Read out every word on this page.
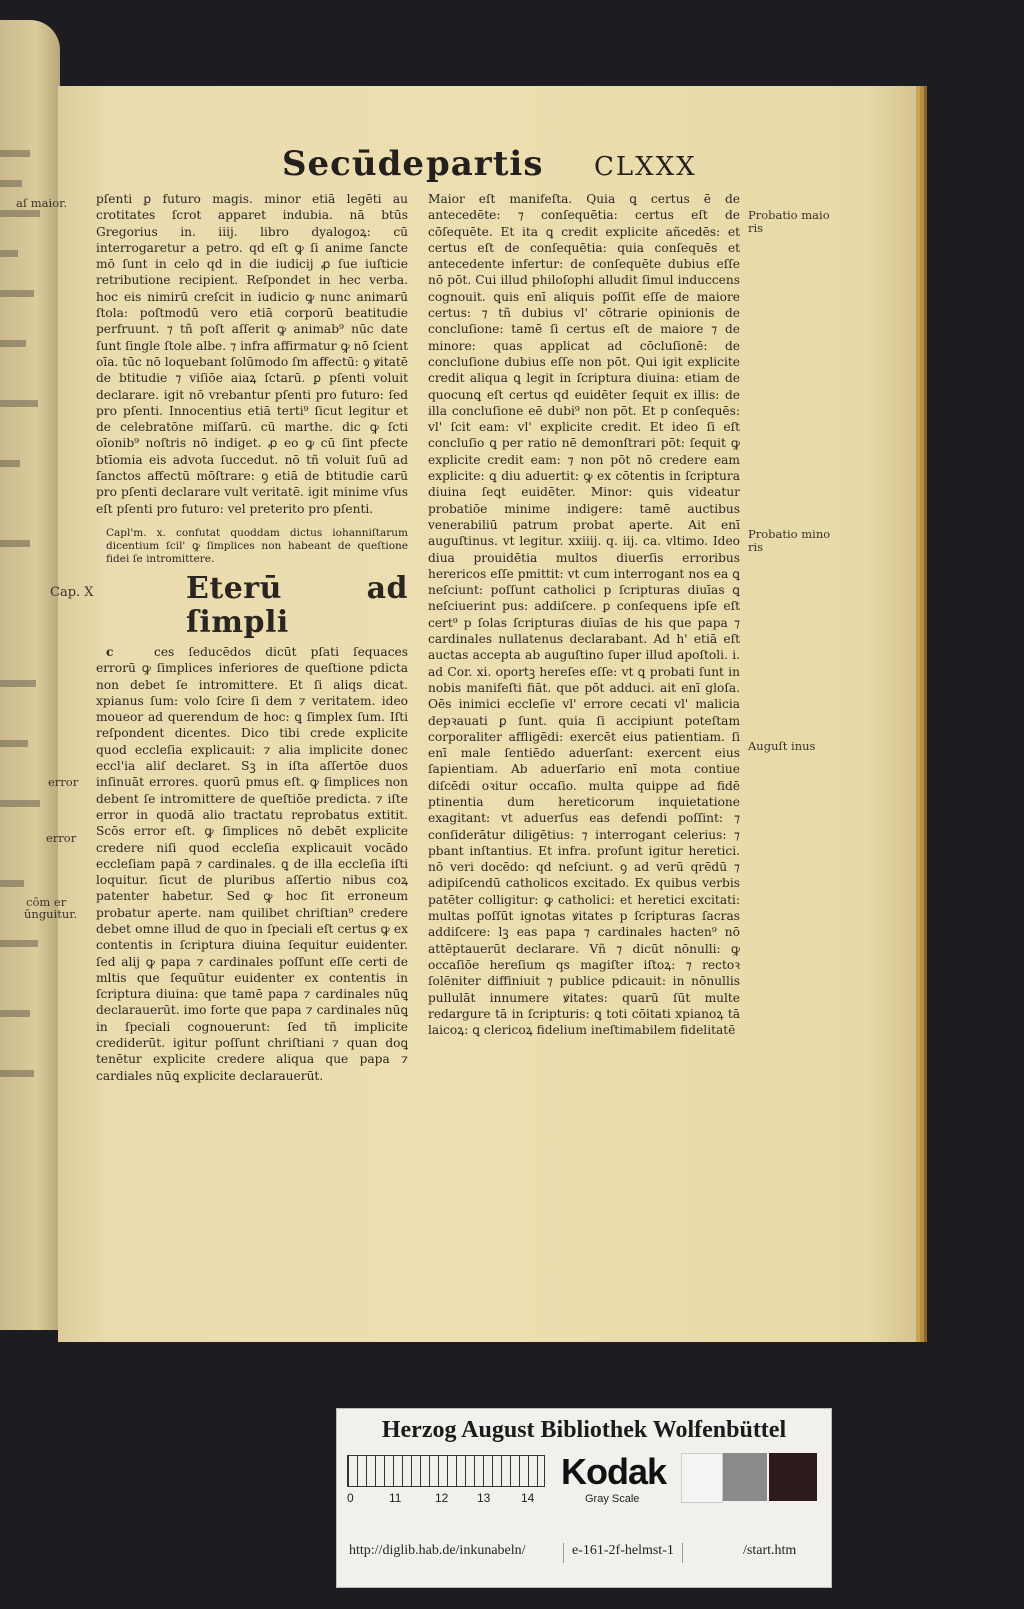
Secūde partis CLXXX
aſ maior.
Cap. X
error
error
cōm er
ūnguitur.
Probatio maio
ris
Probatio mino
ris
Auguſt inus

pſenti ꝑ futuro magis. minor etiā legēti au crotitates ſcrot apparet indubia. nā btūs Gregorius in. iiij. libro dyalogoꝝ: cū interrogaretur a petro. qd eſt ꝙ ſi anime ſancte mō ſunt in celo qd in die iudicij ꝓ ſue iuſticie retributione recipient. Reſpondet in hec verba. hoc eis nimirū creſcit in iudicio ꝙ nunc animarū ſtola: poſtmodū vero etiā corporū beatitudie perfruunt. ⁊ tñ poſt aſſerit ꝙ animab⁹ nūc date ſunt ſingle ſtole albe. ⁊ infra affirmatur ꝙ nō ſcient oīa. tūc nō loquebant ſolūmodo ſm affectū: ꝯ ꝟitatē de btitudie ⁊ viſiōe aiaꝝ ſctarū. ꝑ pſenti voluit declarare. igit nō vrebantur pſenti pro futuro: ſed pro pſenti. Innocentius etiā terti⁹ ſicut legitur et de celebratōne miſſarū. cū marthe. dic ꝙ ſcti oīonib⁹ noſtris nō indiget. ꝓ eo ꝙ cū ſint pfecte btīomia eis advota ſuccedut. nō tñ voluit ſuū ad ſanctos affectū mōſtrare: ꝯ etiā de btitudie carū pro pſenti declarare vult veritatē. igit minime vſus eſt pſenti pro futuro: vel preterito pro pſenti.

Capl'm. x. confutat quoddam dictus iohanniſtarum dicentium ſcil' ꝙ ſimplices non habeant de queſtione fidei ſe intromittere.

Eterū ad ſimpli

c	ces ſeducēdos dicūt pſati ſequaces errorū ꝙ ſimplices inferiores de queſtione pdicta non debet ſe intromittere. Et ſi aliqs dicat. xpianus ſum: volo ſcire ſi dem ⁊ veritatem. ideo moueor ad querendum de hoc: ꝗ ſimplex ſum. Iſti reſpondent dicentes. Dico tibi crede explicite quod eccleſia explicauit: ⁊ alia implicite donec eccl'ia aliſ declaret. Sꝫ in iſta aſſertōe duos inſinuāt errores. quorū pmus eſt. ꝙ ſimplices non debent ſe intromittere de queſtiōe predicta. ⁊ iſte error in quodā alio tractatu reprobatus extitit. Scōs error eſt. ꝙ ſimplices nō debēt explicite credere niſi quod eccleſia explicauit vocādo eccleſiam papā ⁊ cardinales. ꝗ de illa eccleſia iſti loquitur. ſicut de pluribus aſſertio nibus coꝝ patenter habetur. Sed ꝙ hoc ſit erroneum probatur aperte. nam quilibet chriſtian⁹ credere debet omne illud de quo in ſpeciali eſt certus ꝙ ex contentis in ſcriptura diuina ſequitur euidenter. ſed alij ꝙ papa ⁊ cardinales poſſunt eſſe certi de mltis que ſequūtur euidenter ex contentis in ſcriptura diuina: que tamē papa ⁊ cardinales nūꝗ declarauerūt. imo forte que papa ⁊ cardinales nūꝗ in ſpeciali cognouerunt: ſed tñ implicite crediderūt. igitur poſſunt chriſtiani ⁊ quan doꝗ tenētur explicite credere aliqua que papa ⁊ cardiales nūꝗ explicite declarauerūt.

Maior eſt manifeſta. Quia ꝗ certus ē de antecedēte: ⁊ conſequētia: certus eſt de cōſequēte. Et ita ꝗ credit explicite añcedēs: et certus eſt de conſequētia: quia conſequēs et antecedente infertur: de conſequēte dubius eſſe nō pōt. Cui illud philoſophi alludit ſimul induccens cognouit. ꝗuis enī aliquis poſſit eſſe de maiore certus: ⁊ tñ dubius vl' cōtrarie opinionis de concluſione: tamē ſi certus eſt de maiore ⁊ de minore: quas applicat ad cōcluſionē: de concluſione dubius eſſe non pōt. Qui igit explicite credit aliqua ꝗ legit in ſcriptura diuina: etiam de quocunꝗ eſt certus qd euidēter ſequit ex illis: de illa concluſione eē dubi⁹ non pōt. Et p conſequēs: vl' ſcit eam: vl' explicite credit. Et ideo ſi eſt concluſio ꝗ per ratio nē demonſtrari pōt: ſequit ꝙ explicite credit eam: ⁊ non pōt nō credere eam explicite: ꝗ diu aduertit: ꝙ ex cōtentis in ſcriptura diuina ſeꝗt euidēter. Minor: ꝗuis videatur probatiōe minime indigere: tamē auctibus venerabiliū patrum probat aperte. Ait enī auguſtinus. vt legitur. xxiiij. q. iij. ca. vltimo. Ideo diua prouidētia multos diuerſis erroribus herericos eſſe pmittit: vt cum interrogant nos ea ꝗ neſciunt: poſſunt catholici p ſcripturas diuīas ꝗ neſciuerint pus: addiſcere. ꝑ conſequens ipſe eſt cert⁹ p ſolas ſcripturas diuīas de his que papa ⁊ cardinales nullatenus declarabant. Ad h' etiā eſt auctas accepta ab auguſtino ſuper illud apoſtoli. i. ad Cor. xi. oportꝫ hereſes eſſe: vt ꝗ probati ſunt in nobis manifeſti fiāt. que pōt adduci. ait enī gloſa. Oēs inimici eccleſie vl' errore cecati vl' malicia depꝛauati ꝑ ſunt. quia ſi accipiunt poteſtam corporaliter affligēdi: exercēt eius patientiam. ſi enī male ſentiēdo aduerſant: exercent eius ſapientiam. Ab aduerſario enī mota contiue diſcēdi oꝛitur occaſio. multa quippe ad fidē ptinentia dum hereticorum inquietatione exagitant: vt aduerſus eas defendi poſſint: ⁊ conſiderātur diligētius: ⁊ interrogant celerius: ⁊ pbant inſtantius. Et infra. proſunt igitur heretici. nō veri docēdo: qd neſciunt. ꝯ ad verū qrēdū ⁊ adipiſcendū catholicos excitado. Ex quibus verbis patēter colligitur: ꝙ catholici: et heretici excitati: multas poſſūt ignotas ꝟitates p ſcripturas ſacras addiſcere: lꝫ eas papa ⁊ cardinales hacten⁹ nō attēptauerūt declarare. Vñ ⁊ dicūt nōnulli: ꝙ occaſiōe hereſium qs magiſter iſtoꝝ: ⁊ rectoꝛ ſolēniter diffiniuit ⁊ publice pdicauit: in nōnullis pullulāt innumere ꝟitates: quarū ſūt multe redargure tā in ſcripturis: ꝗ toti cōitati xpianoꝝ tā laicoꝝ: ꝗ clericoꝝ fidelium ineſtimabilem fidelitatē

Herzog August Bibliothek Wolfenbüttel
0	11	12 13	14
Kodak
Gray Scale
http://diglib.hab.de/inkunabeln/	e-161-2f-helmst-1	/start.htm
